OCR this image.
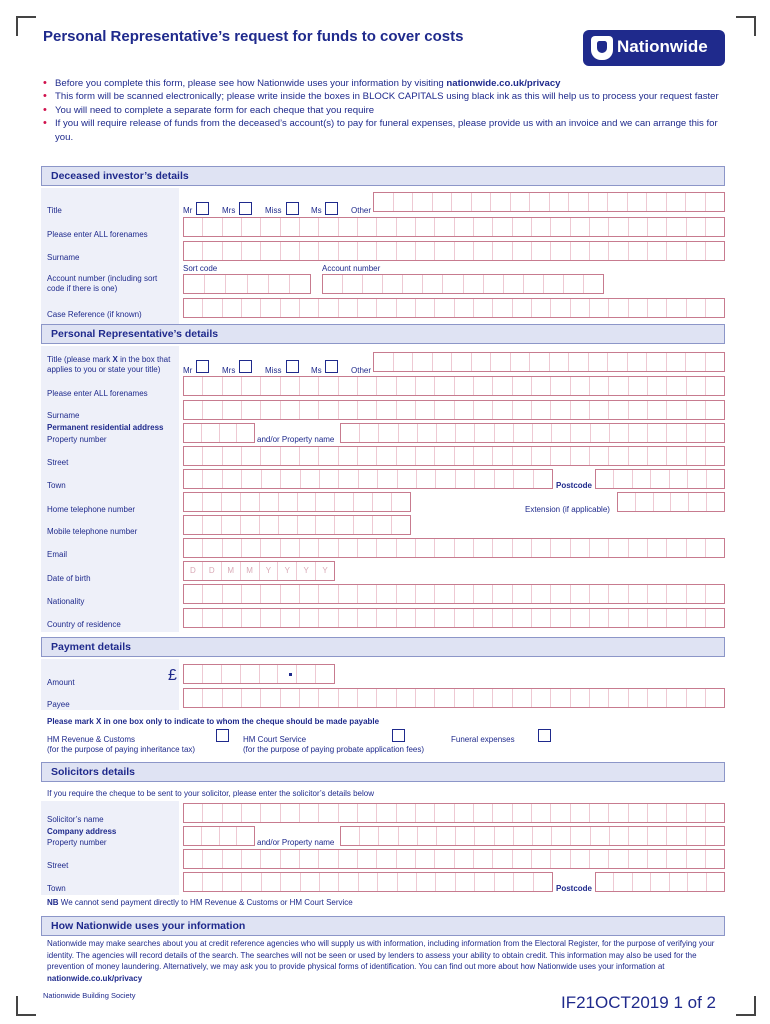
Personal Representative’s request for funds to cover costs
Nationwide
• Before you complete this form, please see how Nationwide uses your information by visiting nationwide.co.uk/privacy
• This form will be scanned electronically; please write inside the boxes in BLOCK CAPITALS using black ink as this will help us to process your request faster
• You will need to complete a separate form for each cheque that you require
• If you will require release of funds from the deceased’s account(s) to pay for funeral expenses, please provide us with an invoice and we can arrange this for you.
Deceased investor’s details
Title	Mr	Mrs	Miss	Ms	Other
Please enter ALL forenames
Surname
Sort code	Account number
Account number (including sort code if there is one)
Case Reference (if known)
Personal Representative’s details
Title (please mark X in the box that applies to you or state your title)	Mr	Mrs	Miss	Ms	Other
Please enter ALL forenames
Surname
Permanent residential address
Property number	and/or Property name
Street
Town	Postcode
Home telephone number	Extension (if applicable)
Mobile telephone number
Email
Date of birth
D	D	M	M	Y	Y	Y	Y
Nationality
Country of residence
Payment details
Amount	£
Payee
Please mark X in one box only to indicate to whom the cheque should be made payable
HM Revenue & Customs
(for the purpose of paying inheritance tax)
HM Court Service
(for the purpose of paying probate application fees)
Funeral expenses
Solicitors details
If you require the cheque to be sent to your solicitor, please enter the solicitor’s details below
Solicitor’s name
Company address
Property number	and/or Property name
Street
Town	Postcode
NB We cannot send payment directly to HM Revenue & Customs or HM Court Service
How Nationwide uses your information
Nationwide may make searches about you at credit reference agencies who will supply us with information, including information from the Electoral Register, for the purpose of verifying your identity. The agencies will record details of the search. The searches will not be seen or used by lenders to assess your ability to obtain credit. This information may also be used for the prevention of money laundering. Alternatively, we may ask you to provide physical forms of identification. You can find out more about how Nationwide uses your information at nationwide.co.uk/privacy
Nationwide Building Society	IF21OCT2019 1 of 2
